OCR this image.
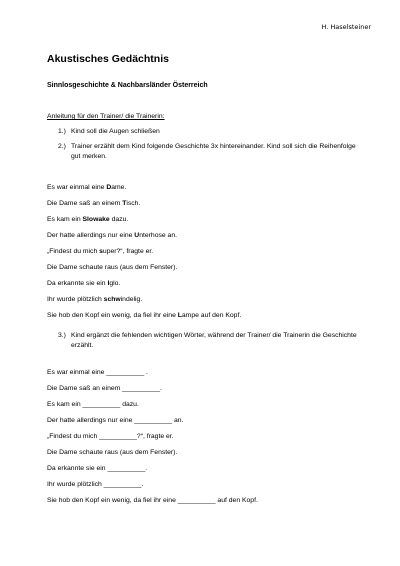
H. Haselsteiner
Akustisches Gedächtnis
Sinnlosgeschichte & Nachbarsländer Österreich
Anleitung für den Trainer/ die Trainerin:
1.) Kind soll die Augen schließen
2.) Trainer erzählt dem Kind folgende Geschichte 3x hintereinander. Kind soll sich die Reihenfolge gut merken.
Es war einmal eine Dame.
Die Dame saß an einem Tisch.
Es kam ein Slowake dazu.
Der hatte allerdings nur eine Unterhose an.
„Findest du mich super?“, fragte er.
Die Dame schaute raus (aus dem Fenster).
Da erkannte sie ein Iglo.
Ihr wurde plötzlich schwindelig.
Sie hob den Kopf ein wenig, da fiel ihr eine Lampe auf den Kopf.
3.) Kind ergänzt die fehlenden wichtigen Wörter, während der Trainer/ die Trainerin die Geschichte erzählt.
Es war einmal eine __________ .
Die Dame saß an einem __________.
Es kam ein __________ dazu.
Der hatte allerdings nur eine __________ an.
„Findest du mich __________?“, fragte er.
Die Dame schaute raus (aus dem Fenster).
Da erkannte sie ein __________.
Ihr wurde plötzlich __________.
Sie hob den Kopf ein wenig, da fiel ihr eine __________ auf den Kopf.
